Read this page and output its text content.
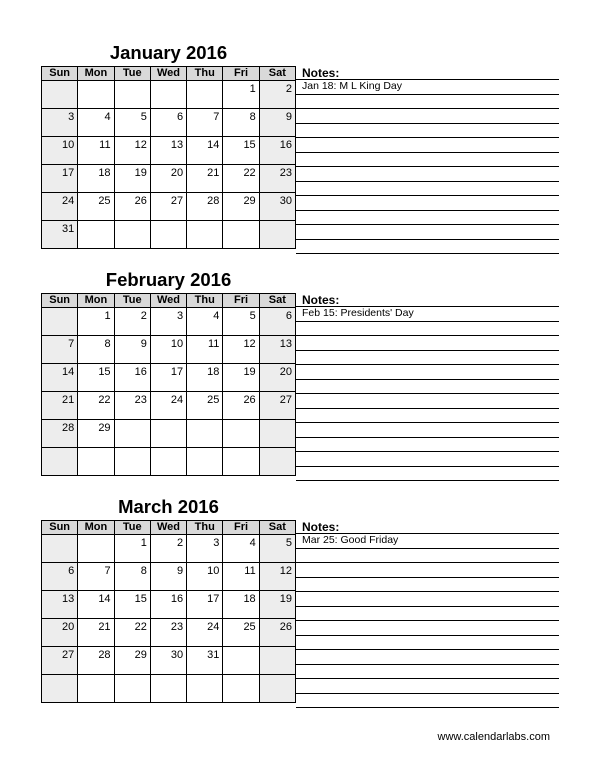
January 2016
Sun	Mon	Tue	Wed	Thu	Fri	Sat
					1	2
3	4	5	6	7	8	9
10	11	12	13	14	15	16
17	18	19	20	21	22	23
24	25	26	27	28	29	30
31						
Notes:
Jan 18: M L King Day
February 2016
Sun	Mon	Tue	Wed	Thu	Fri	Sat
	1	2	3	4	5	6
7	8	9	10	11	12	13
14	15	16	17	18	19	20
21	22	23	24	25	26	27
28	29					

Notes:
Feb 15: Presidents' Day
March 2016
Sun	Mon	Tue	Wed	Thu	Fri	Sat
		1	2	3	4	5
6	7	8	9	10	11	12
13	14	15	16	17	18	19
20	21	22	23	24	25	26
27	28	29	30	31		

Notes:
Mar 25: Good Friday
www.calendarlabs.com
